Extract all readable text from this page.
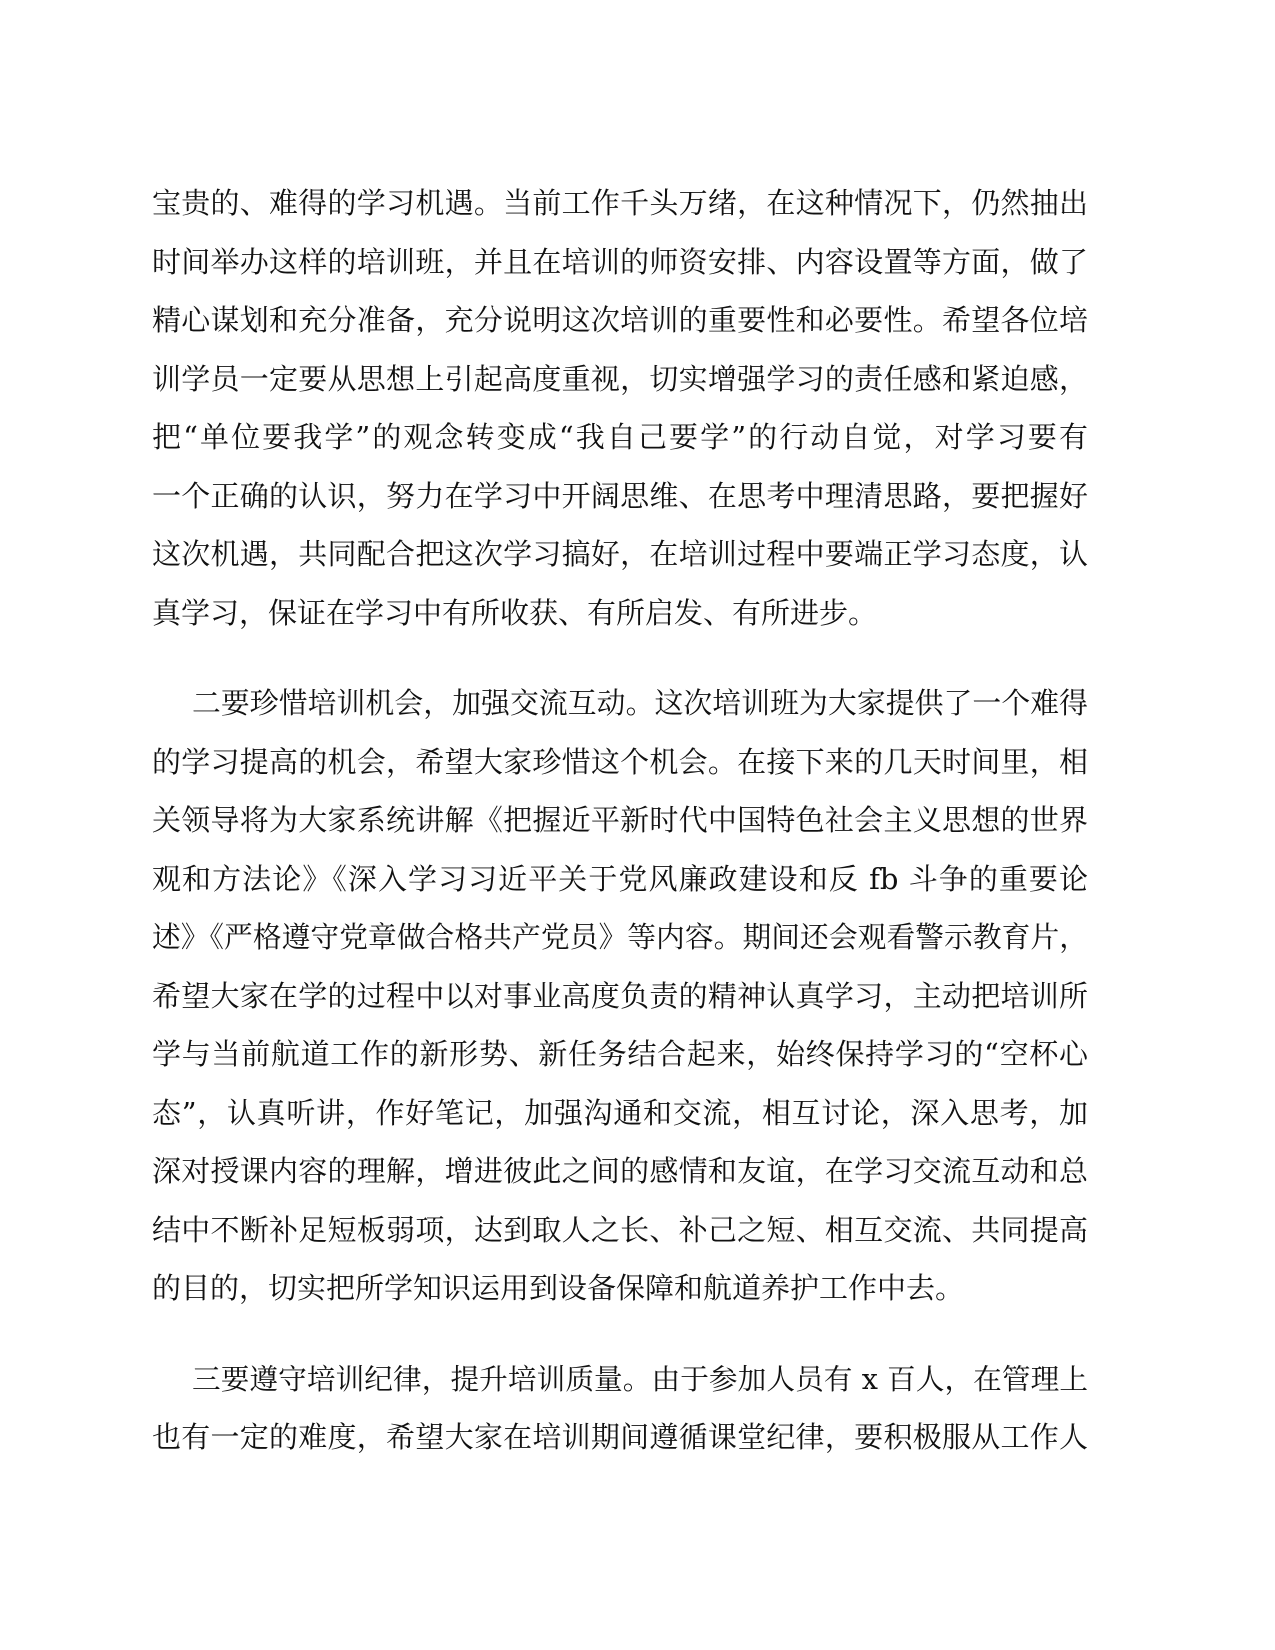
宝贵的、难得的学习机遇。当前工作千头万绪，在这种情况下，仍然抽出
时间举办这样的培训班，并且在培训的师资安排、内容设置等方面，做了
精心谋划和充分准备，充分说明这次培训的重要性和必要性。希望各位培
训学员一定要从思想上引起高度重视，切实增强学习的责任感和紧迫感，
把“单位要我学”的观念转变成“我自己要学”的行动自觉，对学习要有
一个正确的认识，努力在学习中开阔思维、在思考中理清思路，要把握好
这次机遇，共同配合把这次学习搞好，在培训过程中要端正学习态度，认
真学习，保证在学习中有所收获、有所启发、有所进步。
二要珍惜培训机会，加强交流互动。这次培训班为大家提供了一个难得
的学习提高的机会，希望大家珍惜这个机会。在接下来的几天时间里，相
关领导将为大家系统讲解《把握近平新时代中国特色社会主义思想的世界
观和方法论》《深入学习习近平关于党风廉政建设和反 fb 斗争的重要论
述》《严格遵守党章做合格共产党员》等内容。期间还会观看警示教育片，
希望大家在学的过程中以对事业高度负责的精神认真学习，主动把培训所
学与当前航道工作的新形势、新任务结合起来，始终保持学习的“空杯心
态”，认真听讲，作好笔记，加强沟通和交流，相互讨论，深入思考，加
深对授课内容的理解，增进彼此之间的感情和友谊，在学习交流互动和总
结中不断补足短板弱项，达到取人之长、补己之短、相互交流、共同提高
的目的，切实把所学知识运用到设备保障和航道养护工作中去。
三要遵守培训纪律，提升培训质量。由于参加人员有 x 百人，在管理上
也有一定的难度，希望大家在培训期间遵循课堂纪律，要积极服从工作人
